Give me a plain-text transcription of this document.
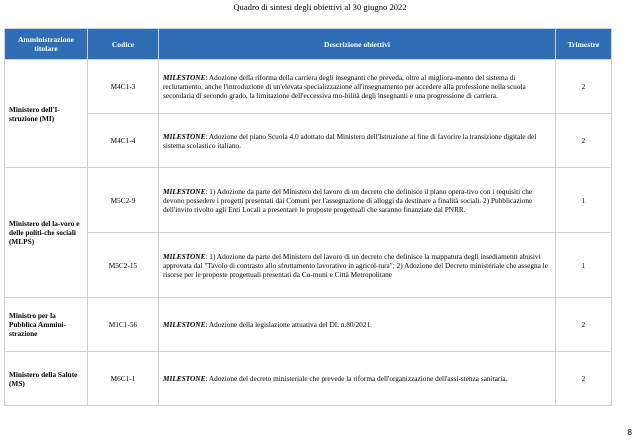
Quadro di sintesi degli obiettivi al 30 giugno 2022
Amministrazione titolare	Codice	Descrizione obiettivi	Trimestre
Ministero dell'I-struzione (MI)	M4C1-3	MILESTONE: Adozione della riforma della carriera degli insegnanti che preveda, oltre al migliora-mento del sistema di reclutamento, anche l'introduzione di un'elevata specializzazione all'insegnamento per accedere alla professione nella scuola secondaria di secondo grado, la limitazione dell'eccessiva mo-bilità degli insegnanti e una progressione di carriera.	2
	M4C1-4	MILESTONE: Adozione del piano Scuola 4.0 adottato dal Ministero dell'Istruzione al fine di favorire la transizione digitale del sistema scolastico italiano.	2
Ministero del la-voro e delle politi-che sociali (MLPS)	M5C2-9	MILESTONE: 1) Adozione da parte del Ministero del lavoro di un decreto che definisce il piano opera-tivo con i requisiti che devono possedere i progetti presentati dai Comuni per l'assegnazione di alloggi da destinare a finalità sociali. 2) Pubblicazione dell'invito rivolto agli Enti Locali a presentare le proposte progettuali che saranno finanziate dal PNRR.	1
	M5C2-15	MILESTONE: 1) Adozione da parte del Ministero del lavoro di un decreto che definisce la mappatura degli insediamenti abusivi approvata dal "Tavolo di contrasto allo sfruttamento lavorativo in agricol-tura"; 2) Adozione del Decreto ministeriale che assegna le risorse per le proposte progettuali presentati da Co-muni e Città Metropolitane	1
Ministro per la Pubblica Ammini-strazione	M1C1-56	MILESTONE: Adozione della legislazione attuativa del DL n.80/2021.	2
Ministero della Salute (MS)	M6C1-1	MILESTONE: Adozione del decreto ministeriale che prevede la riforma dell'organizzazione dell'assi-stenza sanitaria.	2
8
